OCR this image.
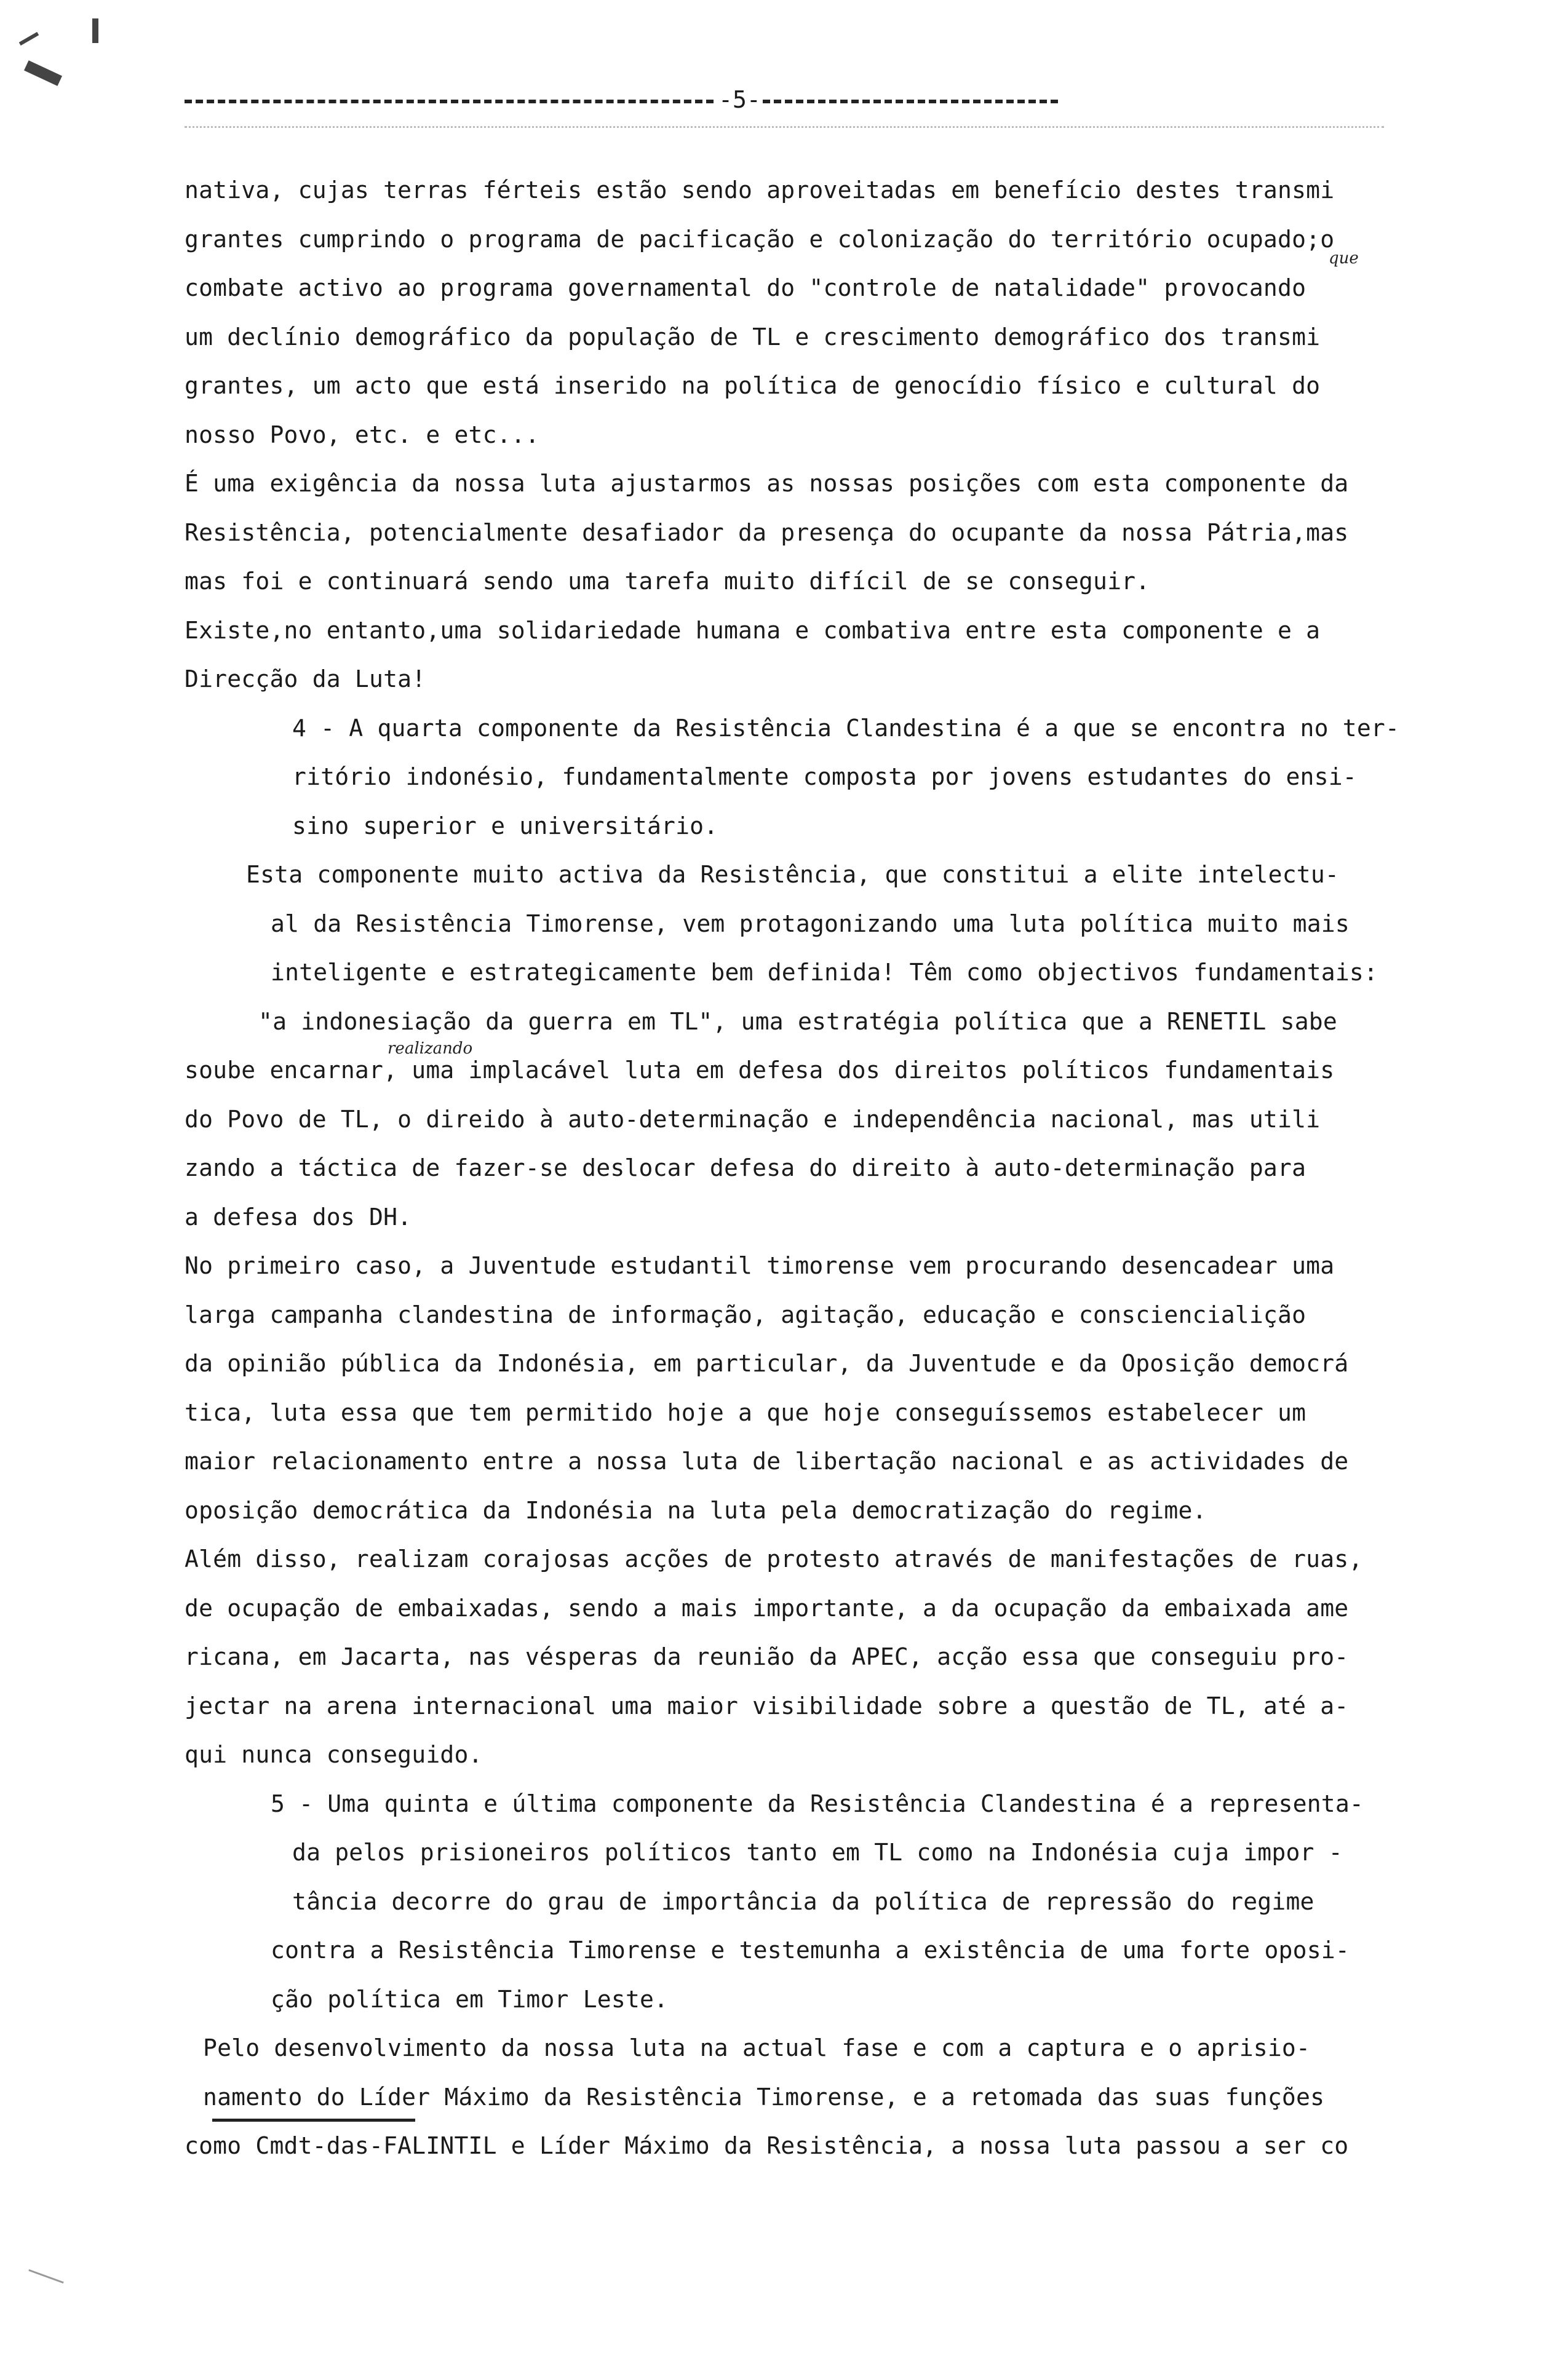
-5-
que
realizando
nativa, cujas terras férteis estão sendo aproveitadas em benefício destes transmi
grantes cumprindo o programa de pacificação e colonização do território ocupado;o
combate activo ao programa governamental do "controle de natalidade" provocando
um declínio demográfico da população de TL e crescimento demográfico dos transmi
grantes, um acto que está inserido na política de genocídio físico e cultural do
nosso Povo, etc. e etc...
É uma exigência da nossa luta ajustarmos as nossas posições com esta componente da
Resistência, potencialmente desafiador da presença do ocupante da nossa Pátria,mas
mas foi e continuará sendo uma tarefa muito difícil de se conseguir.
Existe,no entanto,uma solidariedade humana e combativa entre esta componente e a
Direcção da Luta!
4 - A quarta componente da Resistência Clandestina é a que se encontra no ter-
ritório indonésio, fundamentalmente composta por jovens estudantes do ensi-
sino superior e universitário.
Esta componente muito activa da Resistência, que constitui a elite intelectu-
al da Resistência Timorense, vem protagonizando uma luta política muito mais
inteligente e estrategicamente bem definida! Têm como objectivos fundamentais:
"a indonesiação da guerra em TL", uma estratégia política que a RENETIL sabe
soube encarnar, uma implacável luta em defesa dos direitos políticos fundamentais
do Povo de TL, o direido à auto-determinação e independência nacional, mas utili
zando a táctica de fazer-se deslocar defesa do direito à auto-determinação para
a defesa dos DH.
No primeiro caso, a Juventude estudantil timorense vem procurando desencadear uma
larga campanha clandestina de informação, agitação, educação e consciencialição
da opinião pública da Indonésia, em particular, da Juventude e da Oposição democrá
tica, luta essa que tem permitido hoje a que hoje conseguíssemos estabelecer um
maior relacionamento entre a nossa luta de libertação nacional e as actividades de
oposição democrática da Indonésia na luta pela democratização do regime.
Além disso, realizam corajosas acções de protesto através de manifestações de ruas,
de ocupação de embaixadas, sendo a mais importante, a da ocupação da embaixada ame
ricana, em Jacarta, nas vésperas da reunião da APEC, acção essa que conseguiu pro-
jectar na arena internacional uma maior visibilidade sobre a questão de TL, até a-
qui nunca conseguido.
5 - Uma quinta e última componente da Resistência Clandestina é a representa-
da pelos prisioneiros políticos tanto em TL como na Indonésia cuja impor -
tância decorre do grau de importância da política de repressão do regime
contra a Resistência Timorense e testemunha a existência de uma forte oposi-
ção política em Timor Leste.
Pelo desenvolvimento da nossa luta na actual fase e com a captura e o aprisio-
namento do Líder Máximo da Resistência Timorense, e a retomada das suas funções
como Cmdt-das-FALINTIL e Líder Máximo da Resistência, a nossa luta passou a ser co
